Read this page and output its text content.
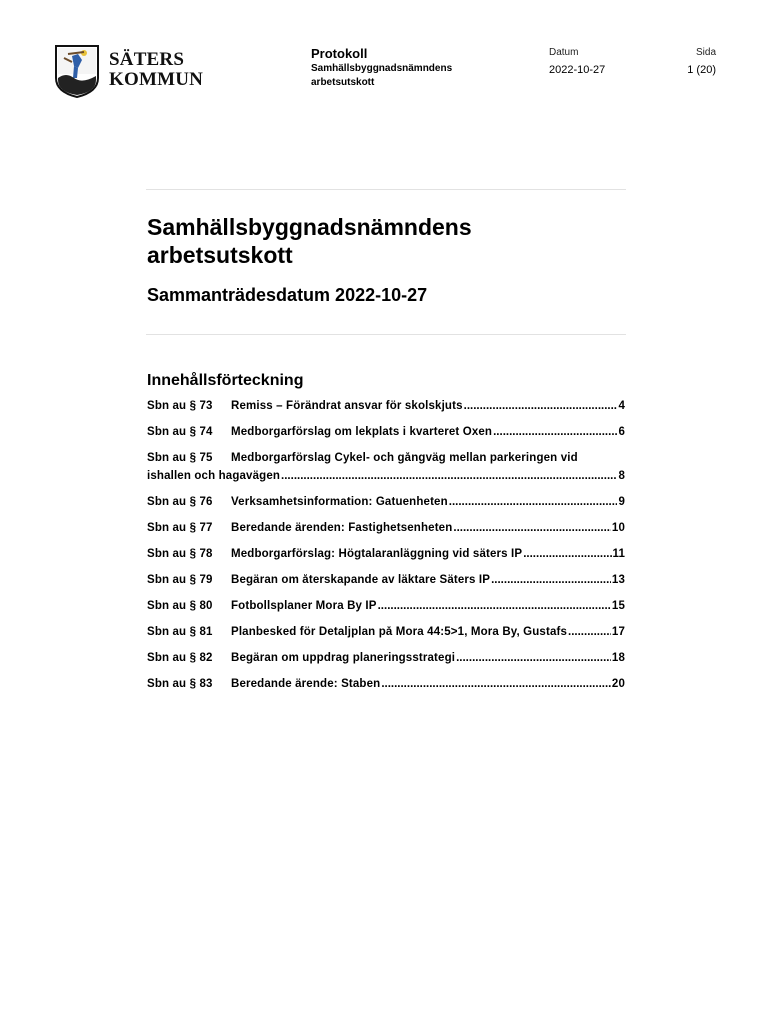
SÄTERS
KOMMUN
Protokoll
Samhällsbyggnadsnämndens
arbetsutskott
Datum
2022-10-27
Sida
1 (20)
Samhällsbyggnadsnämndens
arbetsutskott
Sammanträdesdatum 2022-10-27
Innehållsförteckning
Sbn au § 73	Remiss – Förändrat ansvar för skolskjuts .....	4
Sbn au § 74	Medborgarförslag om lekplats i kvarteret Oxen .....	6
Sbn au § 75	Medborgarförslag Cykel- och gångväg mellan parkeringen vid
ishallen och hagavägen .....	8
Sbn au § 76	Verksamhetsinformation: Gatuenheten .....	9
Sbn au § 77	Beredande ärenden: Fastighetsenheten .....	10
Sbn au § 78	Medborgarförslag: Högtalaranläggning vid säters IP .....	11
Sbn au § 79	Begäran om återskapande av läktare Säters IP .....	13
Sbn au § 80	Fotbollsplaner Mora By IP .....	15
Sbn au § 81	Planbesked för Detaljplan på Mora 44:5>1, Mora By, Gustafs .....	17
Sbn au § 82	Begäran om uppdrag planeringsstrategi .....	18
Sbn au § 83	Beredande ärende: Staben .....	20
